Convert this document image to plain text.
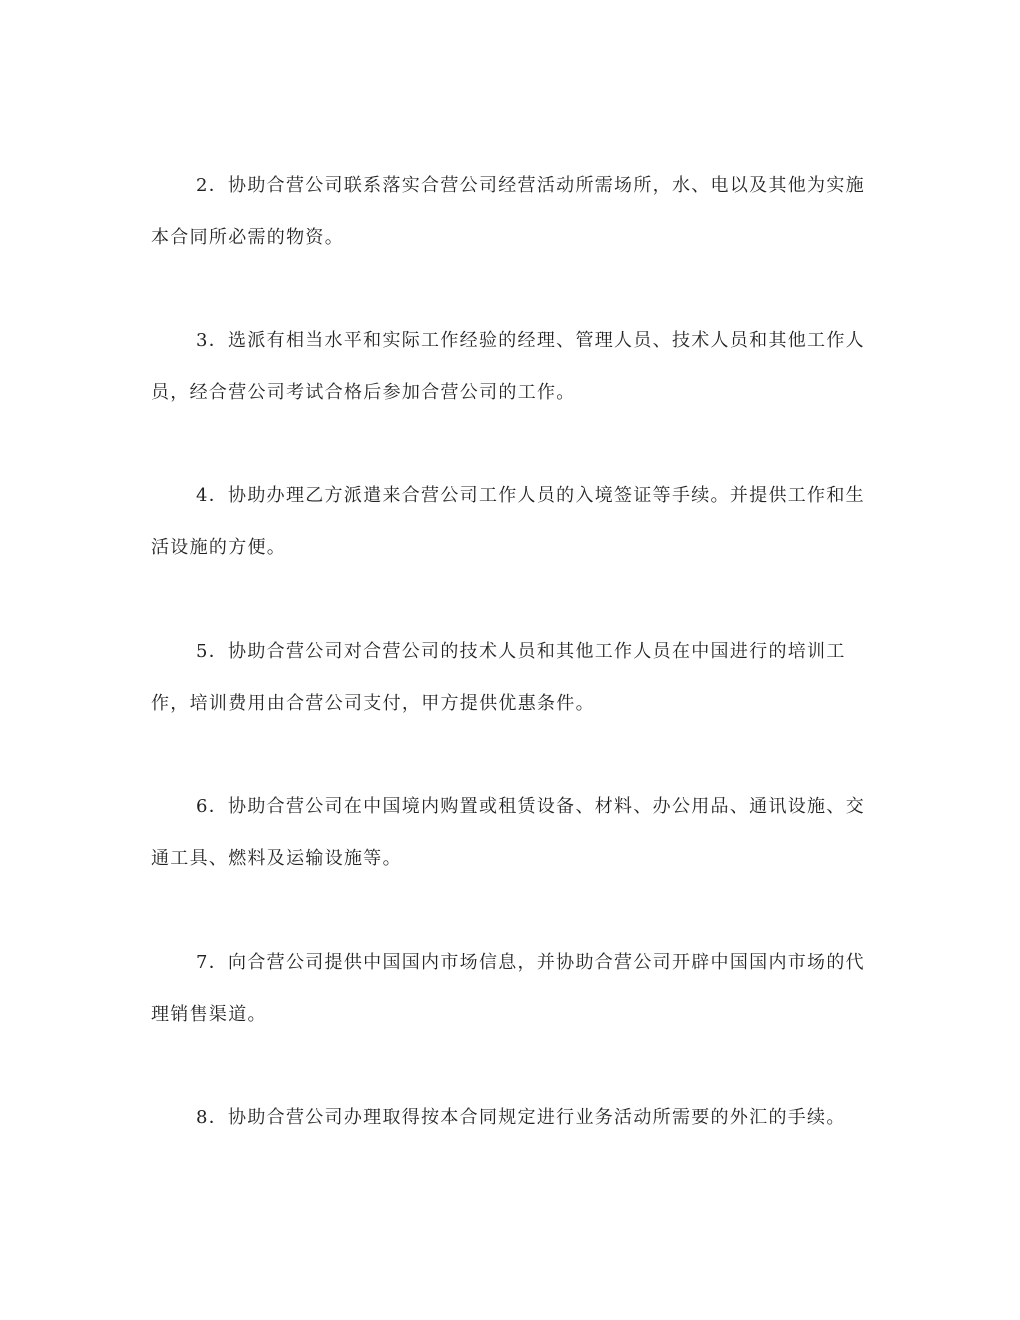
2．协助合营公司联系落实合营公司经营活动所需场所，水、电以及其他为实施本合同所必需的物资。

3．选派有相当水平和实际工作经验的经理、管理人员、技术人员和其他工作人员，经合营公司考试合格后参加合营公司的工作。

4．协助办理乙方派遣来合营公司工作人员的入境签证等手续。并提供工作和生活设施的方便。

5．协助合营公司对合营公司的技术人员和其他工作人员在中国进行的培训工作，培训费用由合营公司支付，甲方提供优惠条件。

6．协助合营公司在中国境内购置或租赁设备、材料、办公用品、通讯设施、交通工具、燃料及运输设施等。

7．向合营公司提供中国国内市场信息，并协助合营公司开辟中国国内市场的代理销售渠道。

8．协助合营公司办理取得按本合同规定进行业务活动所需要的外汇的手续。
